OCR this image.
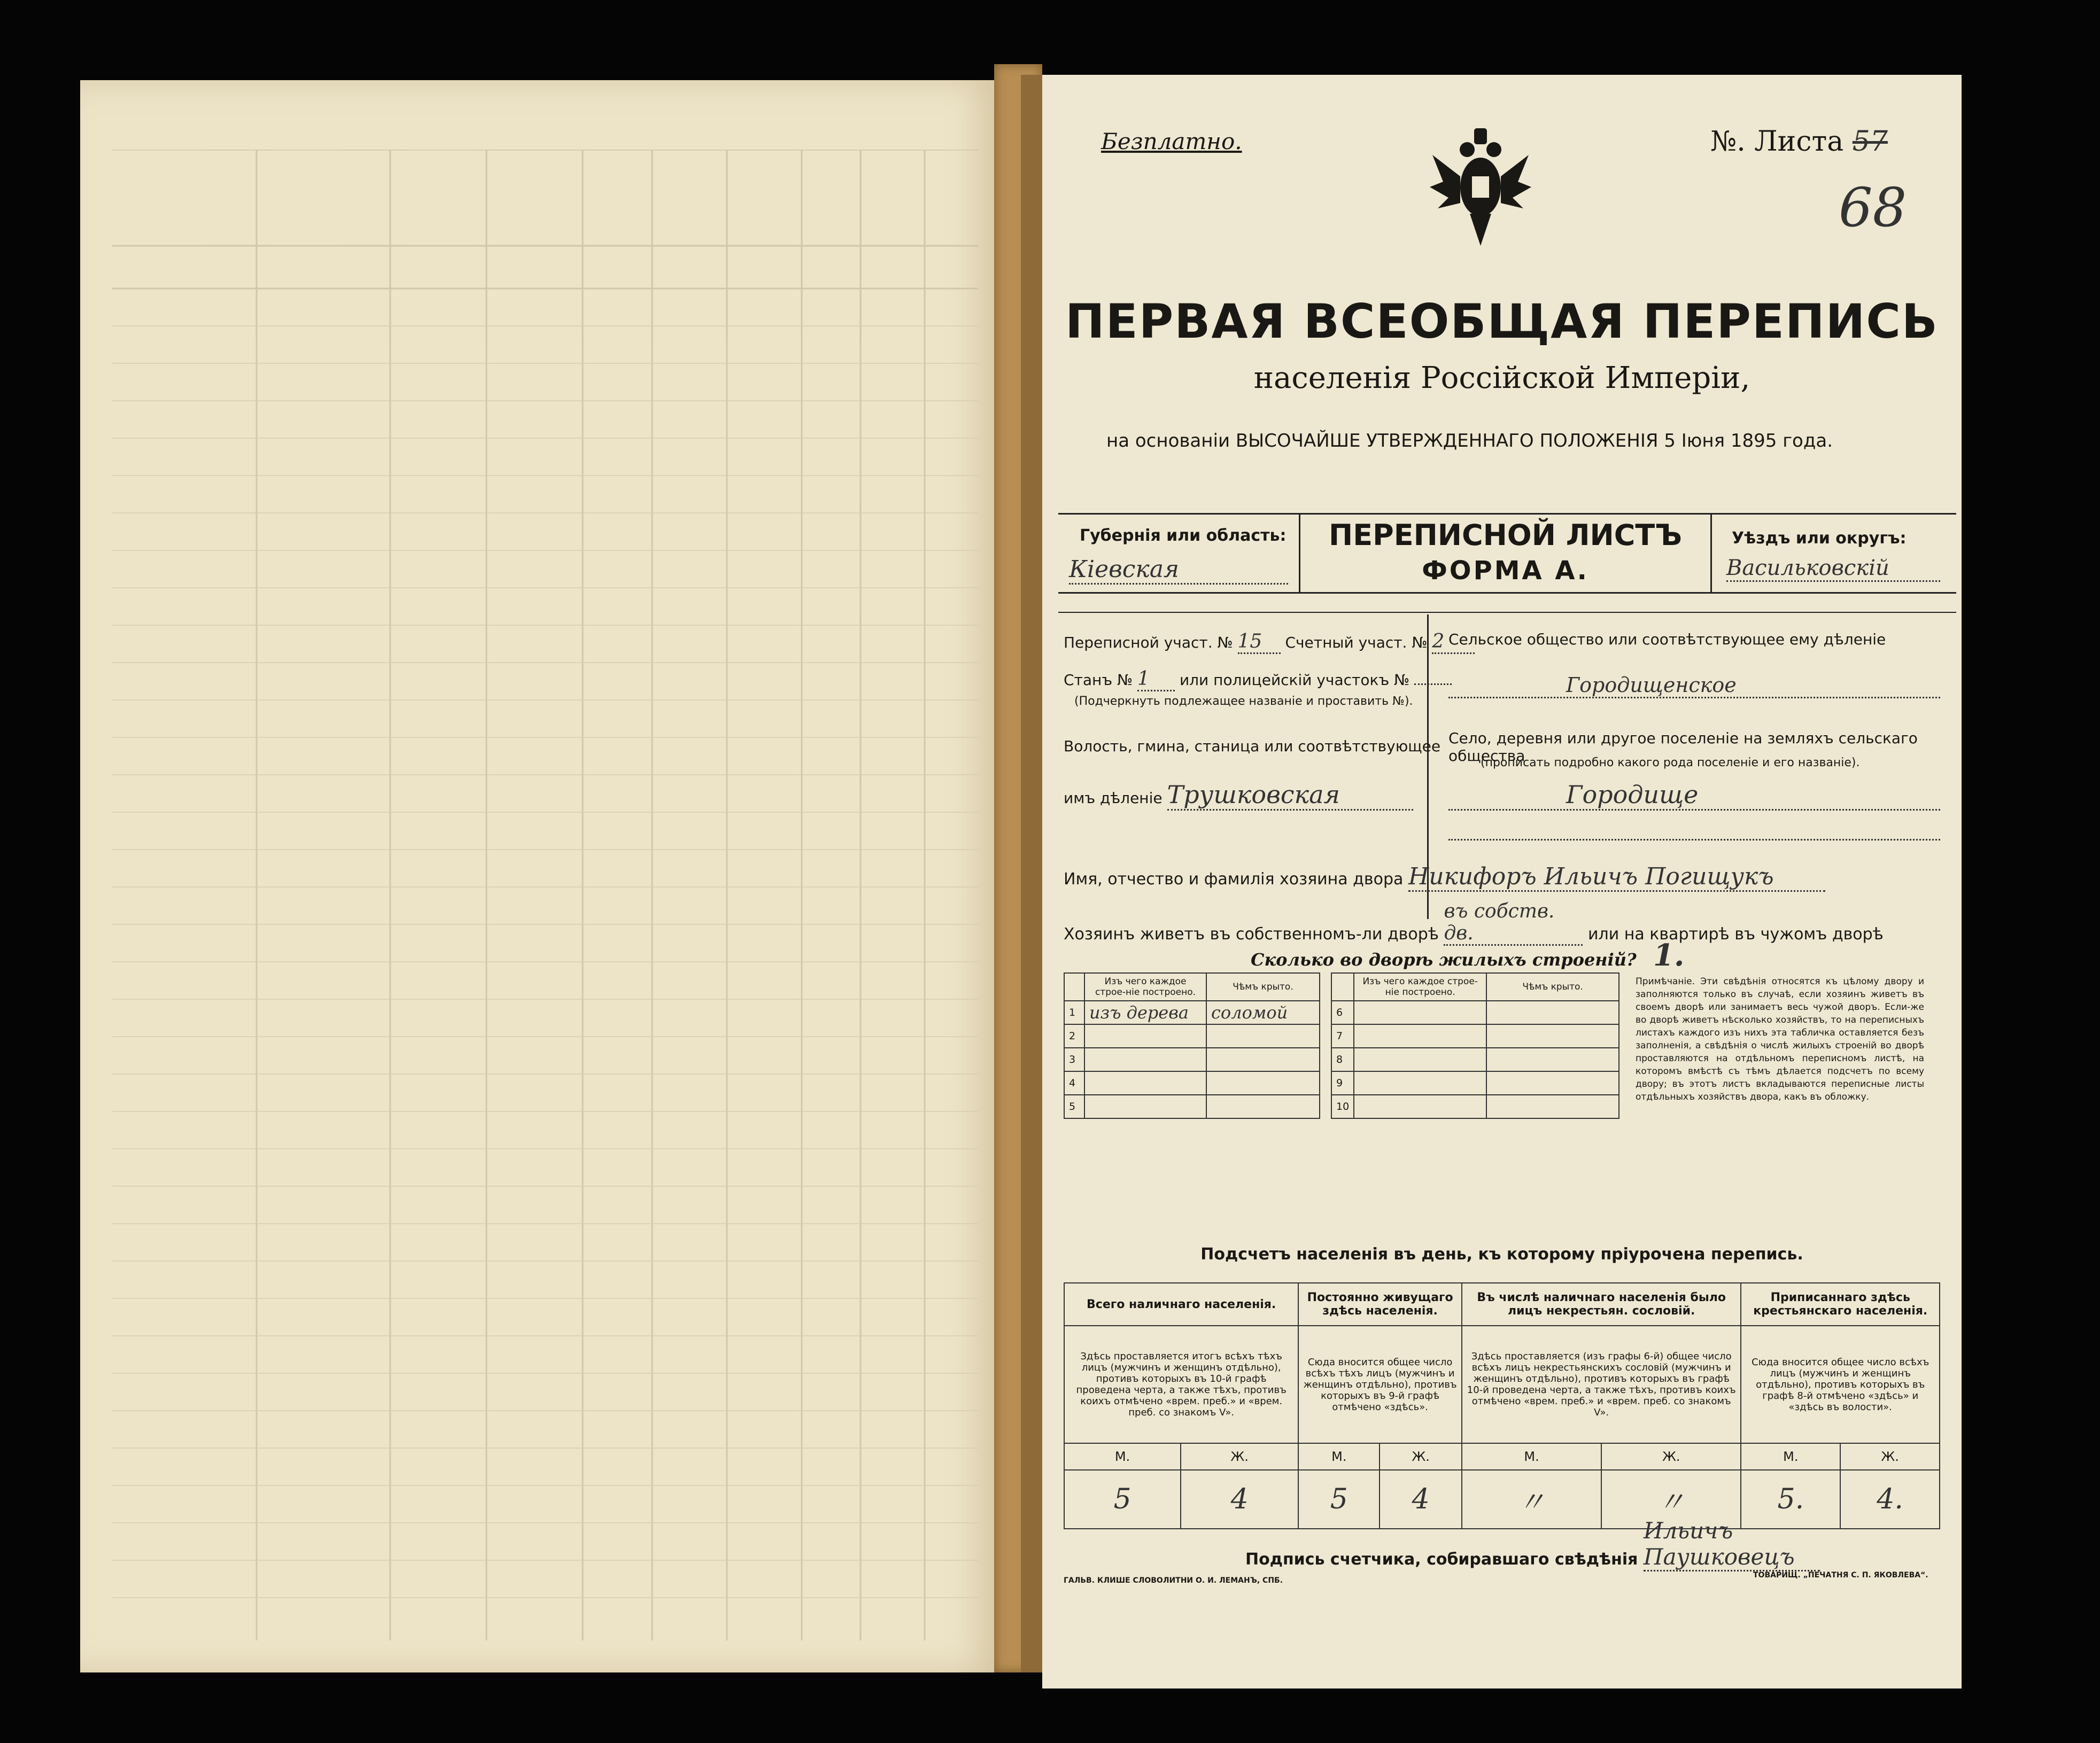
Безплатно.	№. Листа 57
68
ПЕРВАЯ ВСЕОБЩАЯ ПЕРЕПИСЬ
населенія Россійской Имперіи,
на основаніи ВЫСОЧАЙШЕ УТВЕРЖДЕННАГО ПОЛОЖЕНІЯ 5 Іюня 1895 года.
Губернія или область:
Кіевская
ПЕРЕПИСНОЙ ЛИСТЪ
ФОРМА А.
Уѣздъ или округъ:
Васильковскій
Переписной участ. № 15 Счетный участ. № 2
Станъ № 1 или полицейскій участокъ №
(Подчеркнуть подлежащее названіе и проставить №).
Волость, гмина, станица или соотвѣтствующее
имъ дѣленіе Трушковская
Сельское общество или соотвѣтствующее ему дѣленіе
Городищенское
Село, деревня или другое поселеніе на земляхъ сельскаго общества
(прописать подробно какого рода поселеніе и его названіе).
Городище
Имя, отчество и фамилія хозяина двора Никифоръ Ильичъ Погищукъ
Хозяинъ живетъ въ собственномъ-ли дворѣ въ собств. дв.	или на квартирѣ въ чужомъ дворѣ
Сколько во дворѣ жилыхъ строеній? 1.
	Изъ чего каждое строе-ніе построено.	Чѣмъ крыто.
1	изъ дерева	соломой
2		
3		
4		
5		
	Изъ чего каждое строе-ніе построено.	Чѣмъ крыто.
6		
7		
8		
9		
10		
Примѣчаніе. Эти свѣдѣнія относятся къ цѣлому двору и заполняются только въ случаѣ, если хозяинъ живетъ въ своемъ дворѣ или занимаетъ весь чужой дворъ. Если-же во дворѣ живетъ нѣсколько хозяйствъ, то на переписныхъ листахъ каждого изъ нихъ эта табличка оставляется безъ заполненія, а свѣдѣнія о числѣ жилыхъ строеній во дворѣ проставляются на отдѣльномъ переписномъ листѣ, на которомъ вмѣстѣ съ тѣмъ дѣлается подсчетъ по всему двору; въ этотъ листъ вкладываются переписные листы отдѣльныхъ хозяйствъ двора, какъ въ обложку.
Подсчетъ населенія въ день, къ которому пріурочена перепись.
Всего наличнаго населенія.		Постоянно живущаго здѣсь населенія.		Въ числѣ наличнаго населенія было лицъ некрестьян. сословій.		Приписаннаго здѣсь крестьянскаго населенія.	
Здѣсь проставляется итогъ всѣхъ тѣхъ лицъ (мужчинъ и женщинъ отдѣльно), противъ которыхъ въ 10-й графѣ проведена черта, а также тѣхъ, противъ коихъ отмѣчено «врем. преб.» и «врем. преб. со знакомъ V».		Сюда вносится общее число всѣхъ тѣхъ лицъ (мужчинъ и женщинъ отдѣльно), противъ которыхъ въ 9-й графѣ отмѣчено «здѣсь».		Здѣсь проставляется (изъ графы 6-й) общее число всѣхъ лицъ некрестьянскихъ сословій (мужчинъ и женщинъ отдѣльно), противъ которыхъ въ графѣ 10-й проведена черта, а также тѣхъ, противъ коихъ отмѣчено «врем. преб.» и «врем. преб. со знакомъ V».		Сюда вносится общее число всѣхъ лицъ (мужчинъ и женщинъ отдѣльно), противъ которыхъ въ графѣ 8-й отмѣчено «здѣсь» и «здѣсь въ волости».	
М.	Ж.	М.	Ж.	М.	Ж.	М.	Ж.
5	4	5	4	〃	〃	5.	4.
Подпись счетчика, собиравшаго свѣдѣнія Ильичъ Паушковецъ
ГАЛЬВ. КЛИШЕ СЛОВОЛИТНИ О. И. ЛЕМАНЪ, СПБ.
ТОВАРИЩ. „ПЕЧАТНЯ С. П. ЯКОВЛЕВА“.
